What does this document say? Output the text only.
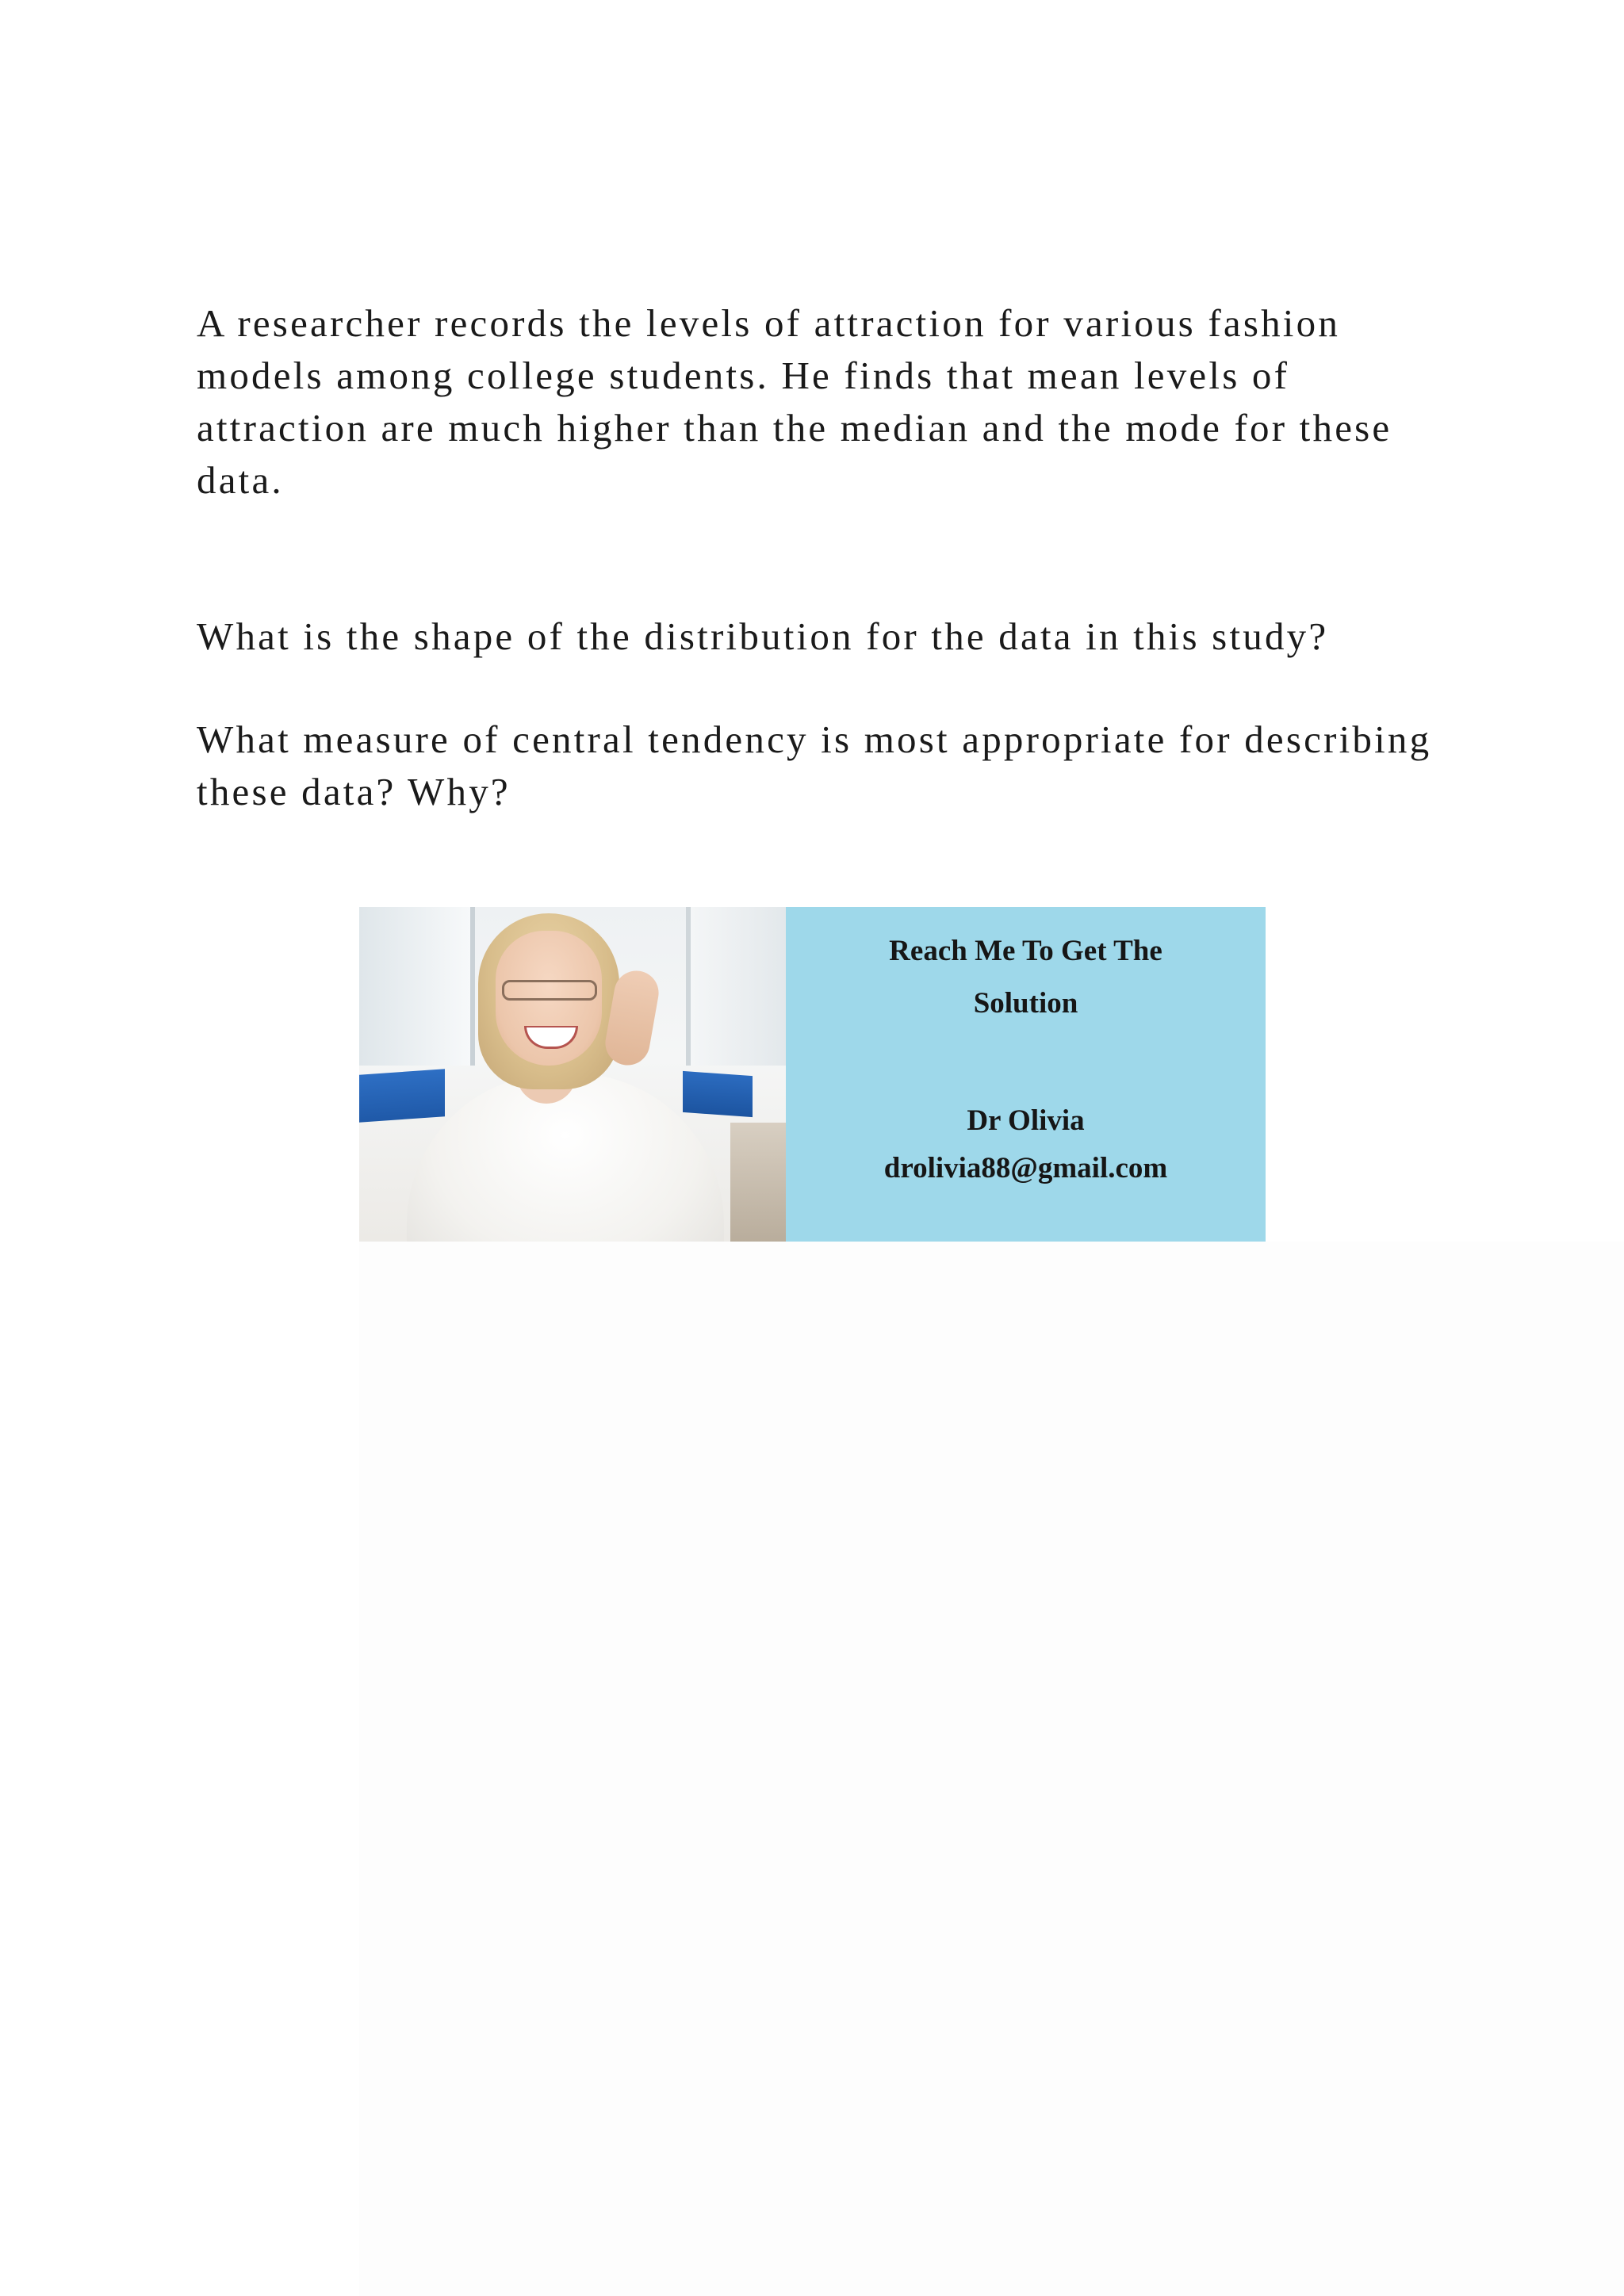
A researcher records the levels of attraction for various fashion models among college students. He finds that mean levels of attraction are much higher than the median and the mode for these data.

What is the shape of the distribution for the data in this study?

What measure of central tendency is most appropriate for describing these data? Why?

Reach Me To Get The
Solution
Dr Olivia
drolivia88@gmail.com
